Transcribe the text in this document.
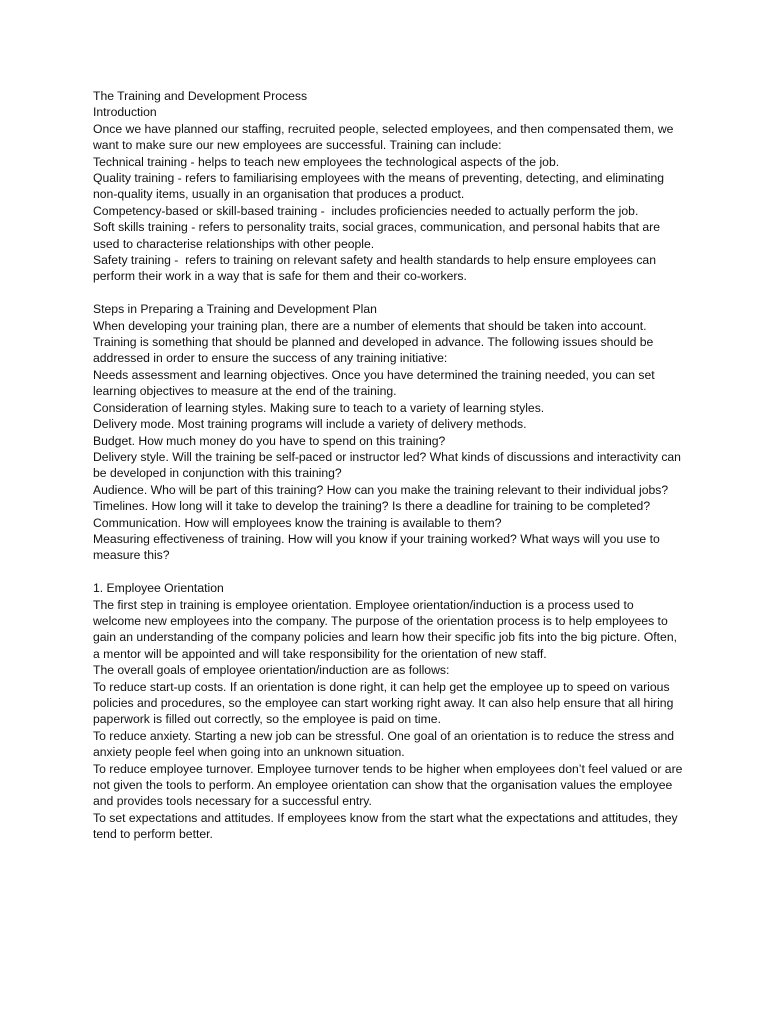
The Training and Development Process
Introduction
Once we have planned our staffing, recruited people, selected employees, and then compensated them, we want to make sure our new employees are successful. Training can include:
Technical training - helps to teach new employees the technological aspects of the job.
Quality training - refers to familiarising employees with the means of preventing, detecting, and eliminating non-quality items, usually in an organisation that produces a product.
Competency-based or skill-based training -  includes proficiencies needed to actually perform the job.
Soft skills training - refers to personality traits, social graces, communication, and personal habits that are used to characterise relationships with other people.
Safety training -  refers to training on relevant safety and health standards to help ensure employees can perform their work in a way that is safe for them and their co-workers.
Steps in Preparing a Training and Development Plan
When developing your training plan, there are a number of elements that should be taken into account. Training is something that should be planned and developed in advance. The following issues should be addressed in order to ensure the success of any training initiative:
Needs assessment and learning objectives. Once you have determined the training needed, you can set learning objectives to measure at the end of the training.
Consideration of learning styles. Making sure to teach to a variety of learning styles.
Delivery mode. Most training programs will include a variety of delivery methods.
Budget. How much money do you have to spend on this training?
Delivery style. Will the training be self-paced or instructor led? What kinds of discussions and interactivity can be developed in conjunction with this training?
Audience. Who will be part of this training? How can you make the training relevant to their individual jobs?
Timelines. How long will it take to develop the training? Is there a deadline for training to be completed?
Communication. How will employees know the training is available to them?
Measuring effectiveness of training. How will you know if your training worked? What ways will you use to measure this?
1. Employee Orientation
The first step in training is employee orientation. Employee orientation/induction is a process used to welcome new employees into the company. The purpose of the orientation process is to help employees to gain an understanding of the company policies and learn how their specific job fits into the big picture. Often, a mentor will be appointed and will take responsibility for the orientation of new staff.
The overall goals of employee orientation/induction are as follows:
To reduce start-up costs. If an orientation is done right, it can help get the employee up to speed on various policies and procedures, so the employee can start working right away. It can also help ensure that all hiring paperwork is filled out correctly, so the employee is paid on time.
To reduce anxiety. Starting a new job can be stressful. One goal of an orientation is to reduce the stress and anxiety people feel when going into an unknown situation.
To reduce employee turnover. Employee turnover tends to be higher when employees don’t feel valued or are not given the tools to perform. An employee orientation can show that the organisation values the employee and provides tools necessary for a successful entry.
To set expectations and attitudes. If employees know from the start what the expectations and attitudes, they tend to perform better.
